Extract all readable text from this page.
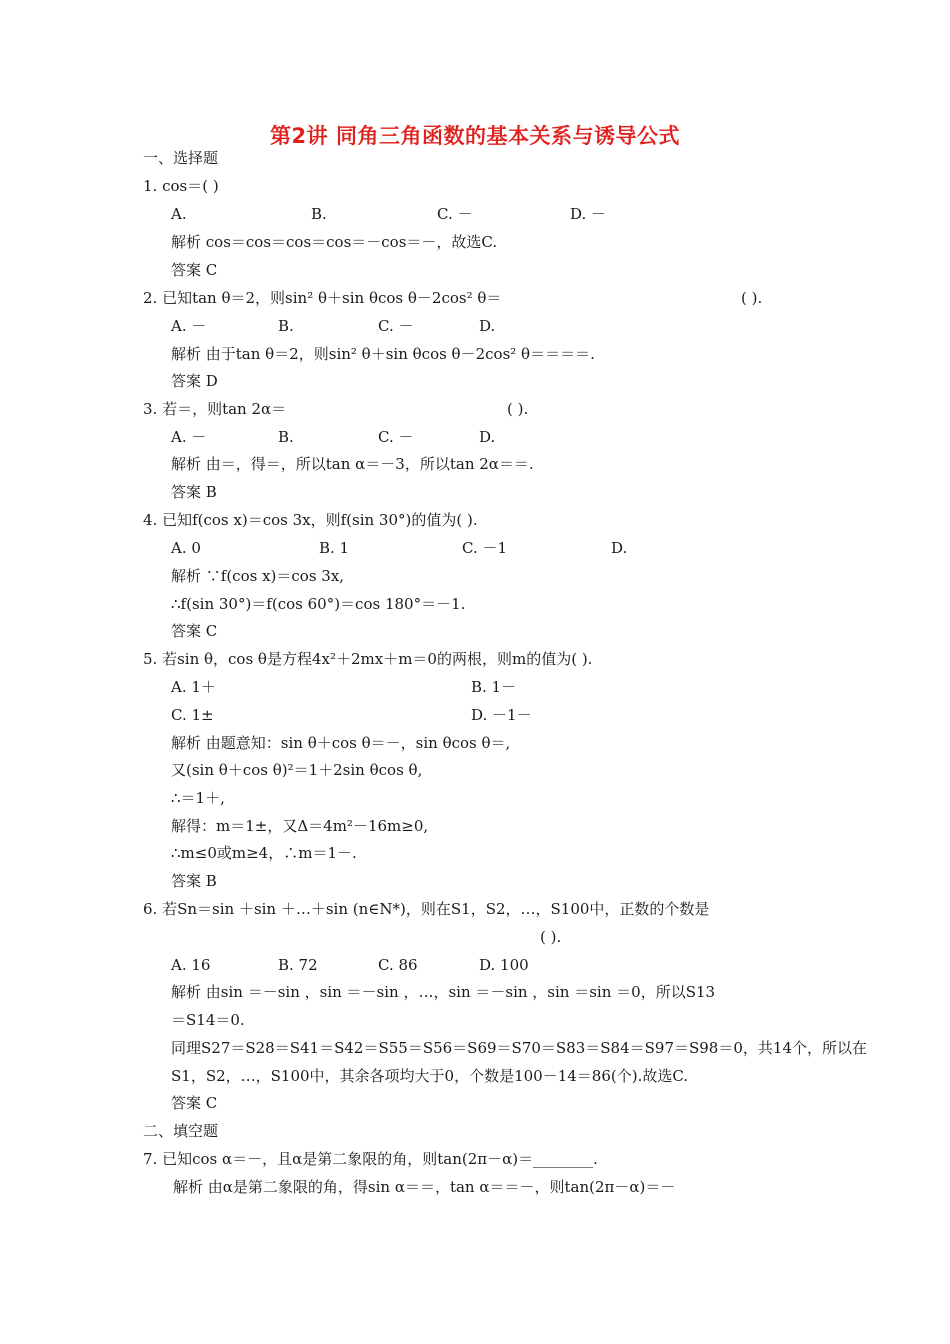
第2讲 同角三角函数的基本关系与诱导公式
一、选择题
1. cos＝( )
A.	B.	C. －	D. －
解析 cos＝cos＝cos＝cos＝－cos＝－，故选C.
答案 C
2. 已知tan θ＝2，则sin² θ＋sin θcos θ－2cos² θ＝	( ).
A. －	B.	C. －	D.
解析 由于tan θ＝2，则sin² θ＋sin θcos θ－2cos² θ＝＝＝＝.
答案 D
3. 若＝，则tan 2α＝	( ).
A. －	B.	C. －	D.
解析 由＝，得＝，所以tan α＝－3，所以tan 2α＝＝.
答案 B
4. 已知f(cos x)＝cos 3x，则f(sin 30°)的值为( ).
A. 0	B. 1	C. －1	D.
解析 ∵f(cos x)＝cos 3x,
∴f(sin 30°)＝f(cos 60°)＝cos 180°＝－1.
答案 C
5. 若sin θ，cos θ是方程4x²＋2mx＋m＝0的两根，则m的值为( ).
A. 1＋	B. 1－
C. 1±	D. －1－
解析 由题意知：sin θ＋cos θ＝－，sin θcos θ＝,
又(sin θ＋cos θ)²＝1＋2sin θcos θ,
∴＝1＋,
解得：m＝1±，又Δ＝4m²－16m≥0,
∴m≤0或m≥4，∴m＝1－.
答案 B
6. 若Sn＝sin ＋sin ＋…＋sin (n∈N*)，则在S1，S2，…，S100中，正数的个数是
( ).
A. 16	B. 72	C. 86	D. 100
解析 由sin ＝－sin ，sin ＝－sin ，…，sin ＝－sin ，sin ＝sin ＝0，所以S13
＝S14＝0.
同理S27＝S28＝S41＝S42＝S55＝S56＝S69＝S70＝S83＝S84＝S97＝S98＝0，共14个，所以在
S1，S2，…，S100中，其余各项均大于0，个数是100－14＝86(个).故选C.
答案 C
二、填空题
7. 已知cos α＝－，且α是第二象限的角，则tan(2π－α)＝________.
解析 由α是第二象限的角，得sin α＝＝，tan α＝＝－，则tan(2π－α)＝－
